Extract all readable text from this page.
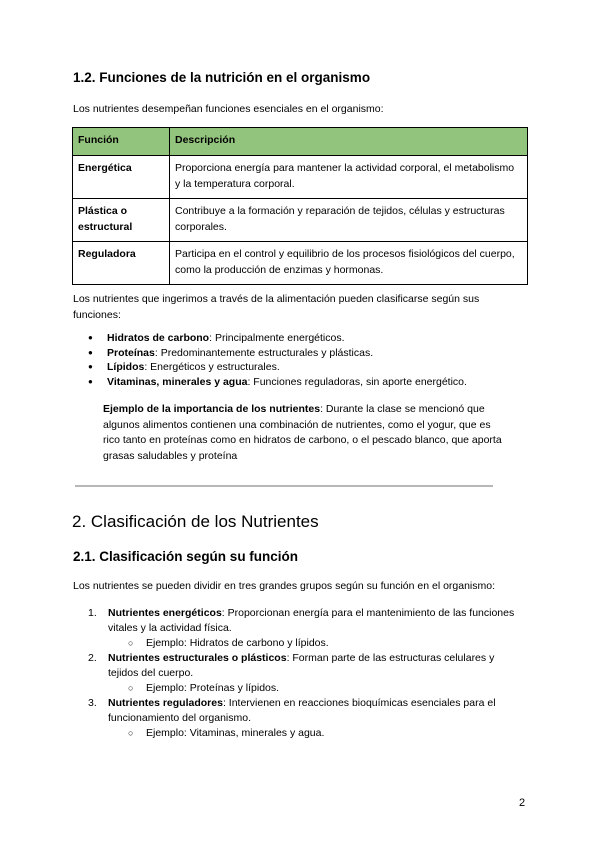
1.2. Funciones de la nutrición en el organismo

Los nutrientes desempeñan funciones esenciales en el organismo:

Función	Descripción
Energética	Proporciona energía para mantener la actividad corporal, el metabolismo y la temperatura corporal.
Plástica o estructural	Contribuye a la formación y reparación de tejidos, células y estructuras corporales.
Reguladora	Participa en el control y equilibrio de los procesos fisiológicos del cuerpo, como la producción de enzimas y hormonas.

Los nutrientes que ingerimos a través de la alimentación pueden clasificarse según sus funciones:

● Hidratos de carbono: Principalmente energéticos.
● Proteínas: Predominantemente estructurales y plásticas.
● Lípidos: Energéticos y estructurales.
● Vitaminas, minerales y agua: Funciones reguladoras, sin aporte energético.

Ejemplo de la importancia de los nutrientes: Durante la clase se mencionó que algunos alimentos contienen una combinación de nutrientes, como el yogur, que es rico tanto en proteínas como en hidratos de carbono, o el pescado blanco, que aporta grasas saludables y proteína

2. Clasificación de los Nutrientes
2.1. Clasificación según su función

Los nutrientes se pueden dividir en tres grandes grupos según su función en el organismo:

1. Nutrientes energéticos: Proporcionan energía para el mantenimiento de las funciones vitales y la actividad física.
○ Ejemplo: Hidratos de carbono y lípidos.
2. Nutrientes estructurales o plásticos: Forman parte de las estructuras celulares y tejidos del cuerpo.
○ Ejemplo: Proteínas y lípidos.
3. Nutrientes reguladores: Intervienen en reacciones bioquímicas esenciales para el funcionamiento del organismo.
○ Ejemplo: Vitaminas, minerales y agua.
2
